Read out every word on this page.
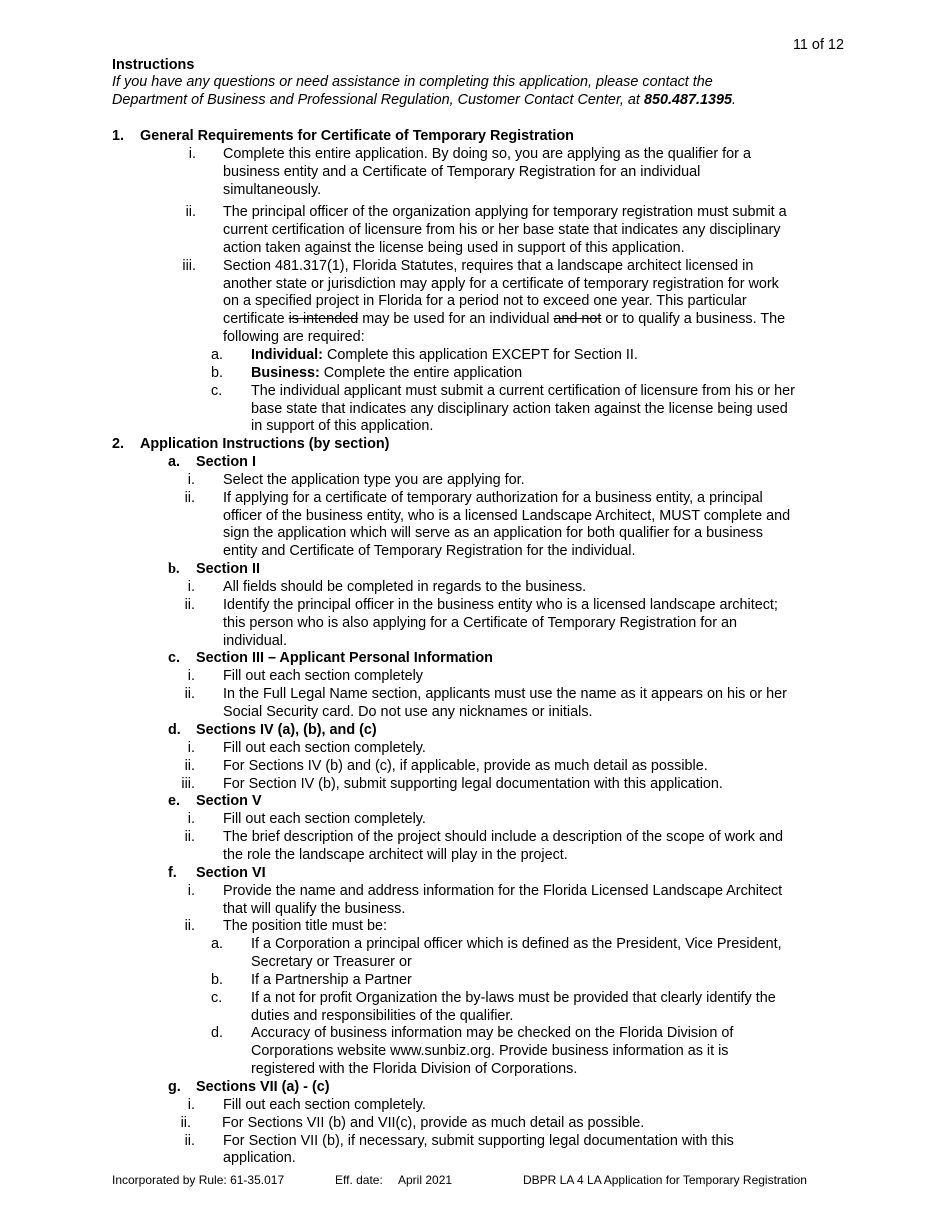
11 of 12
Instructions
If you have any questions or need assistance in completing this application, please contact the
Department of Business and Professional Regulation, Customer Contact Center, at 850.487.1395.
1. General Requirements for Certificate of Temporary Registration
i. Complete this entire application. By doing so, you are applying as the qualifier for a
business entity and a Certificate of Temporary Registration for an individual
simultaneously.
ii. The principal officer of the organization applying for temporary registration must submit a
current certification of licensure from his or her base state that indicates any disciplinary
action taken against the license being used in support of this application.
iii. Section 481.317(1), Florida Statutes, requires that a landscape architect licensed in
another state or jurisdiction may apply for a certificate of temporary registration for work
on a specified project in Florida for a period not to exceed one year. This particular
certificate is intended may be used for an individual and not or to qualify a business. The
following are required:
a. Individual: Complete this application EXCEPT for Section II.
b. Business: Complete the entire application
c. The individual applicant must submit a current certification of licensure from his or her
base state that indicates any disciplinary action taken against the license being used
in support of this application.
2. Application Instructions (by section)
a. Section I
i. Select the application type you are applying for.
ii. If applying for a certificate of temporary authorization for a business entity, a principal
officer of the business entity, who is a licensed Landscape Architect, MUST complete and
sign the application which will serve as an application for both qualifier for a business
entity and Certificate of Temporary Registration for the individual.
b. Section II
i. All fields should be completed in regards to the business.
ii. Identify the principal officer in the business entity who is a licensed landscape architect;
this person who is also applying for a Certificate of Temporary Registration for an
individual.
c. Section III – Applicant Personal Information
i. Fill out each section completely
ii. In the Full Legal Name section, applicants must use the name as it appears on his or her
Social Security card. Do not use any nicknames or initials.
d. Sections IV (a), (b), and (c)
i. Fill out each section completely.
ii. For Sections IV (b) and (c), if applicable, provide as much detail as possible.
iii. For Section IV (b), submit supporting legal documentation with this application.
e. Section V
i. Fill out each section completely.
ii. The brief description of the project should include a description of the scope of work and
the role the landscape architect will play in the project.
f. Section VI
i. Provide the name and address information for the Florida Licensed Landscape Architect
that will qualify the business.
ii. The position title must be:
a. If a Corporation a principal officer which is defined as the President, Vice President,
Secretary or Treasurer or
b. If a Partnership a Partner
c. If a not for profit Organization the by-laws must be provided that clearly identify the
duties and responsibilities of the qualifier.
d. Accuracy of business information may be checked on the Florida Division of
Corporations website www.sunbiz.org. Provide business information as it is
registered with the Florida Division of Corporations.
g. Sections VII (a) - (c)
i. Fill out each section completely.
ii. For Sections VII (b) and VII(c), provide as much detail as possible.
ii. For Section VII (b), if necessary, submit supporting legal documentation with this
application.
Incorporated by Rule: 61-35.017	Eff. date: April 2021	DBPR LA 4 LA Application for Temporary Registration
